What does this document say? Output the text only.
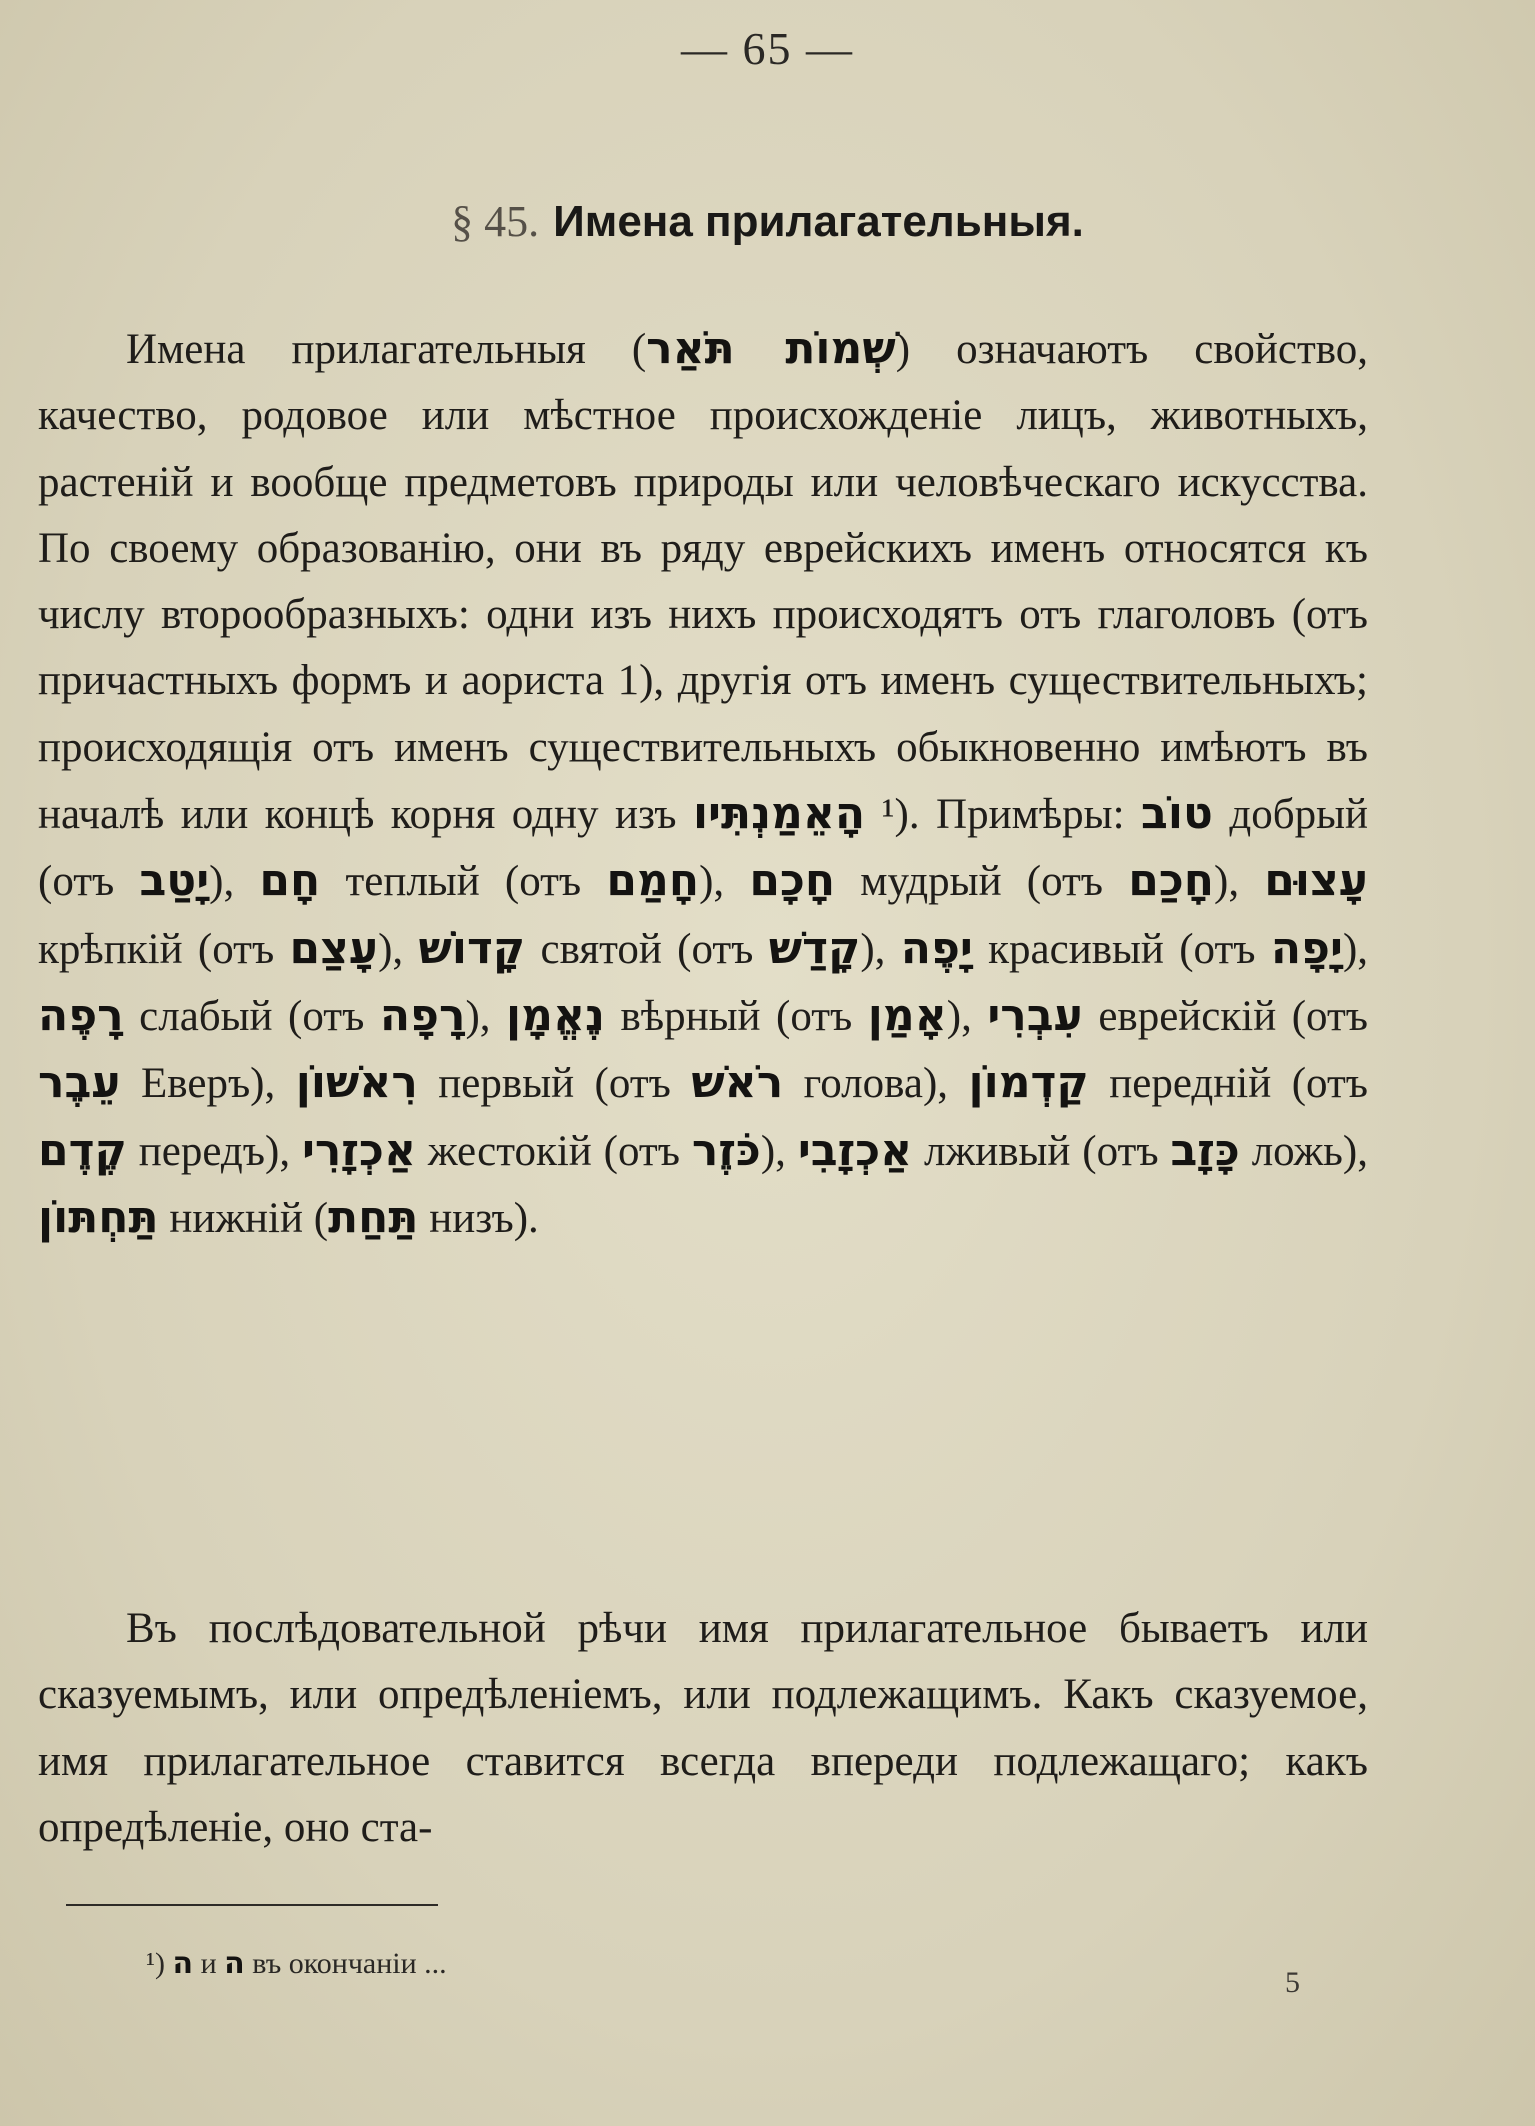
— 65 —
§ 45. Имена прилагательныя.
Имена прилагательныя (שְׁמוֹת תֹּאַר) означаютъ свойство, качество, родовое или мѣстное происхожденіе лицъ, животныхъ, растеній и вообще предметовъ природы или человѣческаго искусства. По своему образованію, они въ ряду еврейскихъ именъ относятся къ числу второобразныхъ: одни изъ нихъ происходятъ отъ глаголовъ (отъ причастныхъ формъ и аориста 1), другія отъ именъ существительныхъ; происходящія отъ именъ существительныхъ обыкновенно имѣютъ въ началѣ или концѣ корня одну изъ הָאֵמַנְתִּיו ¹). Примѣры: טוֹב добрый (отъ יָטַב), חָם теплый (отъ חָמַם), חָכָם мудрый (отъ חָכַם), עָצוּם крѣпкій (отъ עָצַם), קָדוֹשׁ святой (отъ קָדַשׁ), יָפֶה красивый (отъ יָפָה), רָפֶה слабый (отъ רָפָה), נֶאֱמָן вѣрный (отъ אָמַן), עִבְרִי еврейскій (отъ עֵבֶר Еверъ), רִאשׁוֹן первый (отъ רֹאשׁ голова), קַדְמוֹן передній (отъ קֶדֶם передъ), אַכְזָרִי жестокій (отъ כֹּזֶר), אַכְזָבִי лживый (отъ כָּזָב ложь), תַּחְתּוֹן нижній (תַּחַת низъ).
Въ послѣдовательной рѣчи имя прилагательное бываетъ или сказуемымъ, или опредѣленіемъ, или подлежащимъ. Какъ сказуемое, имя прилагательное ставится всегда впереди подлежащаго; какъ опредѣленіе, оно ста-
¹) ה и ה въ окончаніи ...
5
